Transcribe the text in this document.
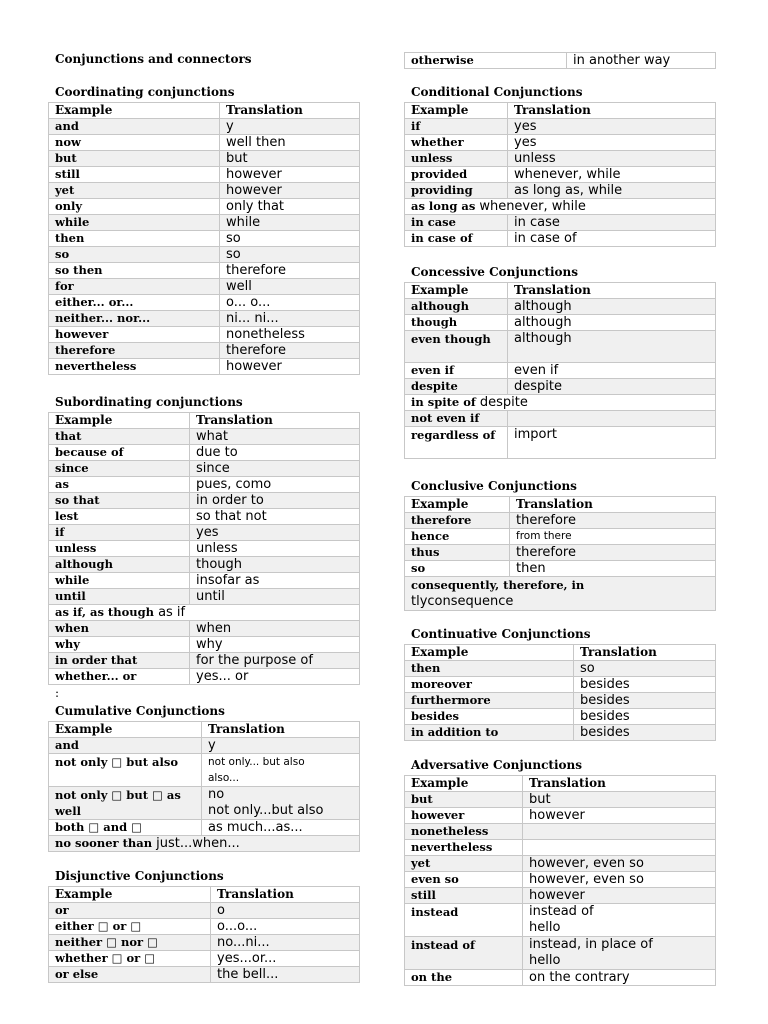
Conjunctions and connectors
Coordinating conjunctions
Example	Translation
and	y
now	well then
but	but
still	however
yet	however
only	only that
while	while
then	so
so	so
so then	therefore
for	well
either... or...	o... o...
neither... nor...	ni... ni...
however	nonetheless
therefore	therefore
nevertheless	however
Subordinating conjunctions
Example	Translation
that	what
because of	due to
since	since
as	pues, como
so that	in order to
lest	so that not
if	yes
unless	unless
although	though
while	insofar as
until	until
as if, as though as if	
when	when
why	why
in order that	for the purpose of
whether... or	yes... or
:
Cumulative Conjunctions
Example	Translation
and	y
not only □ but also	not only... but also
also...
not only □ but □ as well	no
not only...but also
both □ and □	as much...as...
no sooner than just...when...	
Disjunctive Conjunctions
Example	Translation
or	o
either □ or □	o...o...
neither □ nor □	no...ni...
whether □ or □	yes...or...
or else	the bell...
otherwise	in another way
Conditional Conjunctions
Example	Translation
if	yes
whether	yes
unless	unless
provided	whenever, while
providing	as long as, while
as long as whenever, while	
in case	in case
in case of	in case of
Concessive Conjunctions
Example	Translation
although	although
though	although
even though	although
even if	even if
despite	despite
in spite of despite	
not even if	
regardless of	import
Conclusive Conjunctions
Example	Translation
therefore	therefore
hence	from there
thus	therefore
so	then
consequently, therefore, in
tlyconsequence	
Continuative Conjunctions
Example	Translation
then	so
moreover	besides
furthermore	besides
besides	besides
in addition to	besides
Adversative Conjunctions
Example	Translation
but	but
however	however
nonetheless	
nevertheless	
yet	however, even so
even so	however, even so
still	however
instead	instead of
hello
instead of	instead, in place of
hello
on the	on the contrary
